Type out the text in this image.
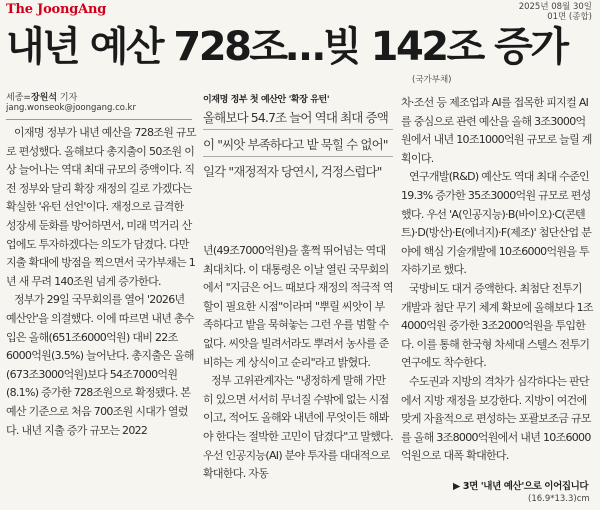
The JoongAng	2025년 08월 30일
01면 (종합)
내년 예산 728조…빚 142조 증가
(국가부채)
세종=장원석 기자
jang.wonseok@joongang.co.kr
이재명 정부 첫 예산안 '확장 유턴'
올해보다 54.7조 늘어 역대 최대 증액
이 "씨앗 부족하다고 밭 묵힐 수 없어"
일각 "재정적자 당연시, 걱정스럽다"

이재명 정부가 내년 예산을 728조원 규모로 편성했다. 올해보다 총지출이 50조원 이상 늘어나는 역대 최대 규모의 증액이다. 직전 정부와 달리 확장 재정의 길로 가겠다는 확실한 '유턴 선언'이다. 재정으로 급격한 성장세 둔화를 방어하면서, 미래 먹거리 산업에도 투자하겠다는 의도가 담겼다. 다만 지출 확대에 방점을 찍으면서 국가부채는 1년 새 무려 140조원 넘게 증가한다.

정부가 29일 국무회의를 열어 '2026년 예산안'을 의결했다. 이에 따르면 내년 총수입은 올해(651조6000억원) 대비 22조6000억원(3.5%) 늘어난다. 총지출은 올해(673조3000억원)보다 54조7000억원(8.1%) 증가한 728조원으로 확정됐다. 본예산 기준으로 처음 700조원 시대가 열렸다. 내년 지출 증가 규모는 2022

년(49조7000억원)을 훌쩍 뛰어넘는 역대 최대치다. 이 대통령은 이날 열린 국무회의에서 "지금은 어느 때보다 재정의 적극적 역할이 필요한 시점"이라며 "뿌릴 씨앗이 부족하다고 밭을 묵혀놓는 그런 우를 범할 수 없다. 씨앗을 빌려서라도 뿌려서 농사를 준비하는 게 상식이고 순리"라고 밝혔다.

정부 고위관계자는 "냉정하게 말해 가만히 있으면 서서히 무너질 수밖에 없는 시점이고, 적어도 올해와 내년에 무엇이든 해봐야 한다는 절박한 고민이 담겼다"고 말했다. 우선 인공지능(AI) 분야 투자를 대대적으로 확대한다. 자동

차·조선 등 제조업과 AI를 접목한 피지컬 AI를 중심으로 관련 예산을 올해 3조3000억원에서 내년 10조1000억원 규모로 늘릴 계획이다.

연구개발(R&D) 예산도 역대 최대 수준인 19.3% 증가한 35조3000억원 규모로 편성했다. 우선 'A(인공지능)·B(바이오)·C(콘텐트)·D(방산)·E(에너지)·F(제조)' 첨단산업 분야에 핵심 기술개발에 10조6000억원을 투자하기로 했다.

국방비도 대거 증액한다. 최첨단 전투기 개발과 첨단 무기 체계 확보에 올해보다 1조4000억원 증가한 3조2000억원을 투입한다. 이를 통해 한국형 차세대 스텔스 전투기 연구에도 착수한다.

수도권과 지방의 격차가 심각하다는 판단에서 지방 재정을 보강한다. 지방이 여건에 맞게 자율적으로 편성하는 포괄보조금 규모를 올해 3조8000억원에서 내년 10조6000억원으로 대폭 확대한다.

▶ 3면 '내년 예산'으로 이어집니다
(16.9*13.3)cm
